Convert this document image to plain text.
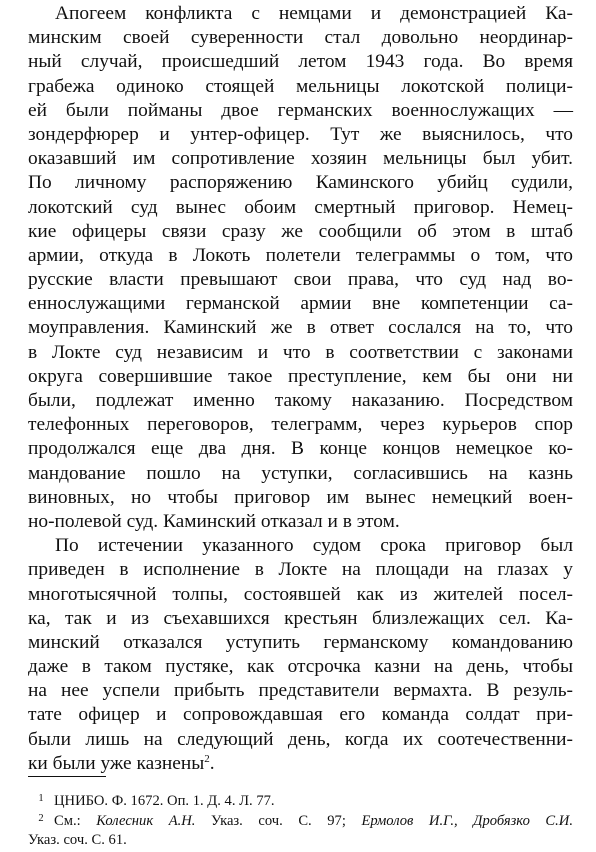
Апогеем конфликта с немцами и демонстрацией Ка-
минским своей суверенности стал довольно неординар-
ный случай, происшедший летом 1943 года. Во время
грабежа одиноко стоящей мельницы локотской полици-
ей были пойманы двое германских военнослужащих —
зондерфюрер и унтер-офицер. Тут же выяснилось, что
оказавший им сопротивление хозяин мельницы был убит.
По личному распоряжению Каминского убийц судили,
локотский суд вынес обоим смертный приговор. Немец-
кие офицеры связи сразу же сообщили об этом в штаб
армии, откуда в Локоть полетели телеграммы о том, что
русские власти превышают свои права, что суд над во-
еннослужащими германской армии вне компетенции са-
моуправления. Каминский же в ответ сослался на то, что
в Локте суд независим и что в соответствии с законами
округа совершившие такое преступление, кем бы они ни
были, подлежат именно такому наказанию. Посредством
телефонных переговоров, телеграмм, через курьеров спор
продолжался еще два дня. В конце концов немецкое ко-
мандование пошло на уступки, согласившись на казнь
виновных, но чтобы приговор им вынес немецкий воен-
но-полевой суд. Каминский отказал и в этом.
По истечении указанного судом срока приговор был
приведен в исполнение в Локте на площади на глазах у
многотысячной толпы, состоявшей как из жителей посел-
ка, так и из съехавшихся крестьян близлежащих сел. Ка-
минский отказался уступить германскому командованию
даже в таком пустяке, как отсрочка казни на день, чтобы
на нее успели прибыть представители вермахта. В резуль-
тате офицер и сопровождавшая его команда солдат при-
были лишь на следующий день, когда их соотечественни-
ки были уже казнены$^2$.
1 ЦНИБО. Ф. 1672. Оп. 1. Д. 4. Л. 77.
2 См.: Колесник А.Н. Указ. соч. С. 97; Ермолов И.Г., Дробязко С.И.
Указ. соч. С. 61.
